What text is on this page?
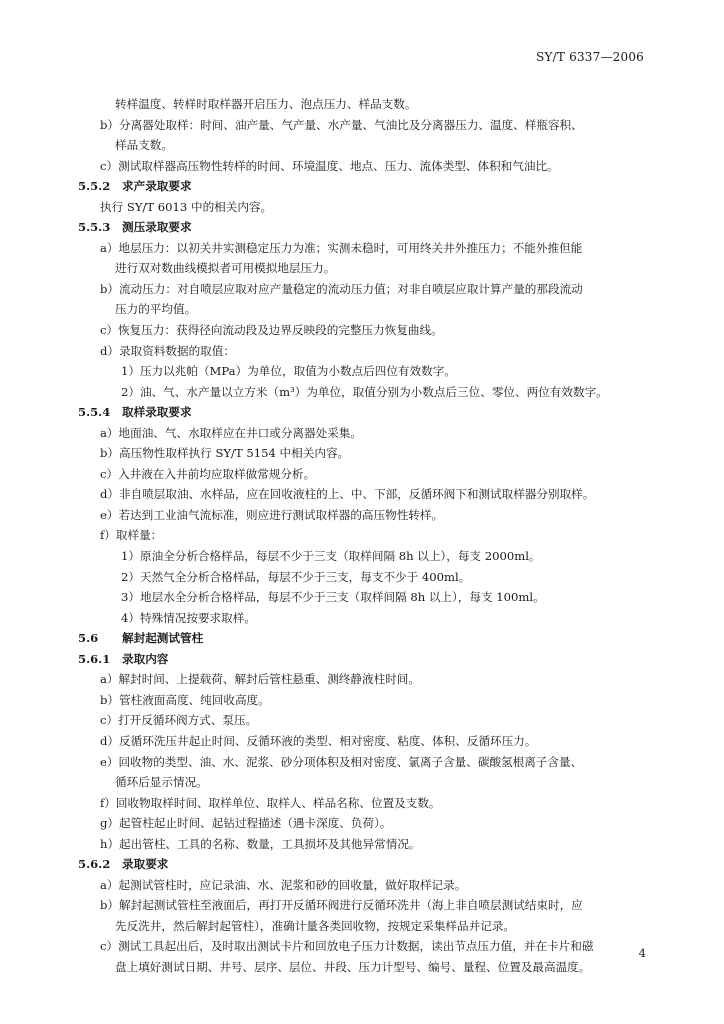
SY/T 6337—2006
转样温度、转样时取样器开启压力、泡点压力、样品支数。
b）分离器处取样：时间、油产量、气产量、水产量、气油比及分离器压力、温度、样瓶容积、
样品支数。
c）测试取样器高压物性转样的时间、环境温度、地点、压力、流体类型、体积和气油比。
5.5.2 求产录取要求
执行 SY/T 6013 中的相关内容。
5.5.3 测压录取要求
a）地层压力：以初关井实测稳定压力为准；实测未稳时，可用终关井外推压力；不能外推但能
进行双对数曲线模拟者可用模拟地层压力。
b）流动压力：对自喷层应取对应产量稳定的流动压力值；对非自喷层应取计算产量的那段流动
压力的平均值。
c）恢复压力：获得径向流动段及边界反映段的完整压力恢复曲线。
d）录取资料数据的取值：
1）压力以兆帕（MPa）为单位，取值为小数点后四位有效数字。
2）油、气、水产量以立方米（m³）为单位，取值分别为小数点后三位、零位、两位有效数字。
5.5.4 取样录取要求
a）地面油、气、水取样应在井口或分离器处采集。
b）高压物性取样执行 SY/T 5154 中相关内容。
c）入井液在入井前均应取样做常规分析。
d）非自喷层取油、水样品，应在回收液柱的上、中、下部，反循环阀下和测试取样器分别取样。
e）若达到工业油气流标准，则应进行测试取样器的高压物性转样。
f）取样量：
1）原油全分析合格样品，每层不少于三支（取样间隔 8h 以上），每支 2000ml。
2）天然气全分析合格样品，每层不少于三支，每支不少于 400ml。
3）地层水全分析合格样品，每层不少于三支（取样间隔 8h 以上），每支 100ml。
4）特殊情况按要求取样。
5.6 解封起测试管柱
5.6.1 录取内容
a）解封时间、上提载荷、解封后管柱悬重、测终静液柱时间。
b）管柱液面高度、纯回收高度。
c）打开反循环阀方式、泵压。
d）反循环洗压井起止时间、反循环液的类型、相对密度、粘度、体积、反循环压力。
e）回收物的类型、油、水、泥浆、砂分项体积及相对密度、氯离子含量、碳酸氢根离子含量、
循环后显示情况。
f）回收物取样时间、取样单位、取样人、样品名称、位置及支数。
g）起管柱起止时间、起钻过程描述（遇卡深度、负荷）。
h）起出管柱、工具的名称、数量，工具损坏及其他异常情况。
5.6.2 录取要求
a）起测试管柱时，应记录油、水、泥浆和砂的回收量，做好取样记录。
b）解封起测试管柱至液面后，再打开反循环阀进行反循环洗井（海上非自喷层测试结束时，应
先反洗井，然后解封起管柱），准确计量各类回收物，按规定采集样品并记录。
c）测试工具起出后，及时取出测试卡片和回放电子压力计数据，读出节点压力值，并在卡片和磁
盘上填好测试日期、井号、层序、层位、井段、压力计型号、编号、量程、位置及最高温度。
4
